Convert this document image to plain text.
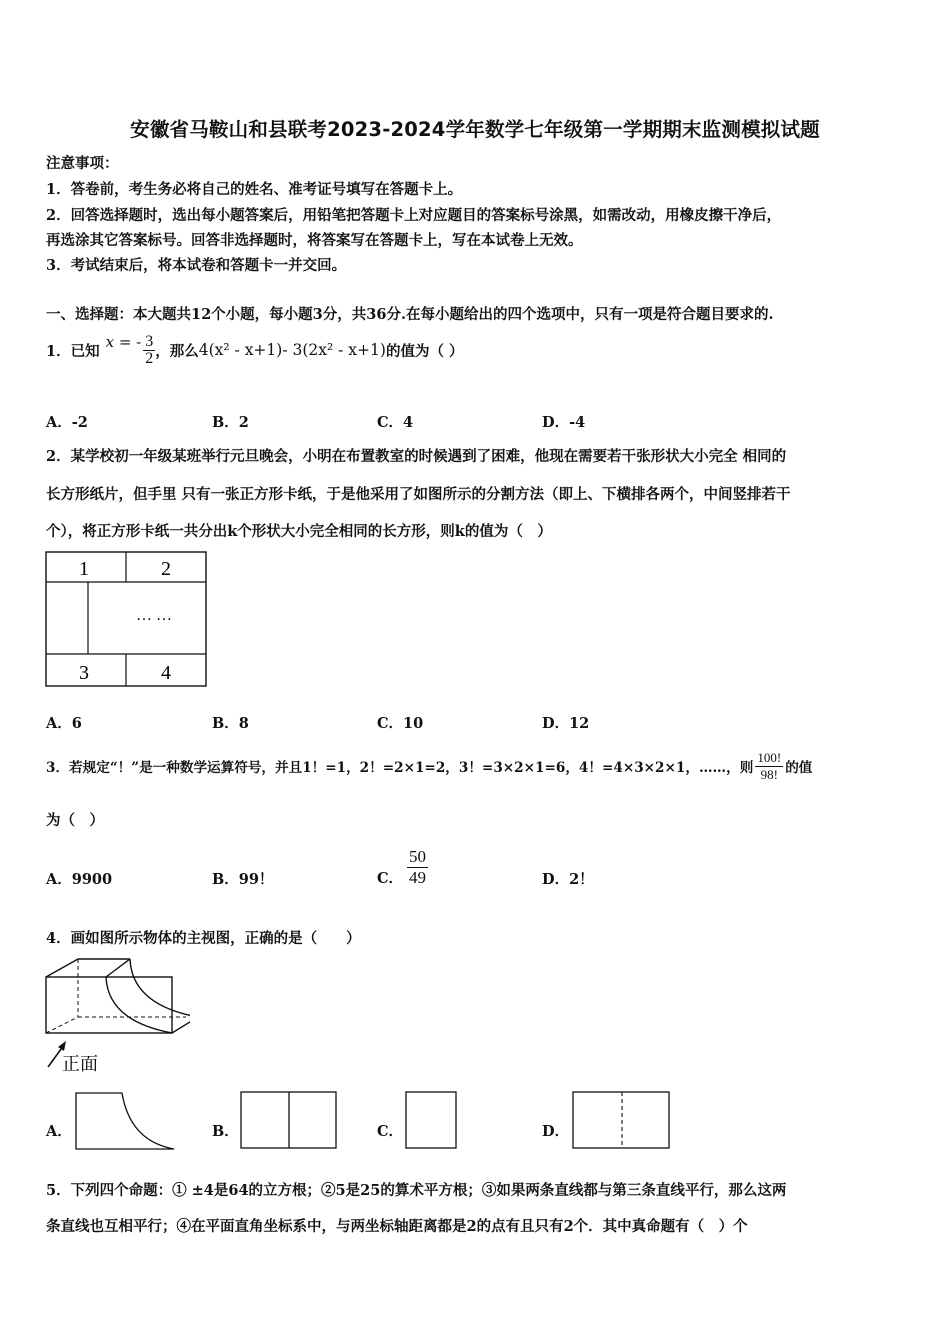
安徽省马鞍山和县联考2023-2024学年数学七年级第一学期期末监测模拟试题
注意事项：
1．答卷前，考生务必将自己的姓名、准考证号填写在答题卡上。
2．回答选择题时，选出每小题答案后，用铅笔把答题卡上对应题目的答案标号涂黑，如需改动，用橡皮擦干净后，
再选涂其它答案标号。回答非选择题时，将答案写在答题卡上，写在本试卷上无效。
3．考试结束后，将本试卷和答题卡一并交回。
一、选择题：本大题共12个小题，每小题3分，共36分.在每小题给出的四个选项中，只有一项是符合题目要求的.
1．已知 x = - $\frac{3}{2}$ ，那么 4(x² - x+1)- 3(2x² - x+1) 的值为（ ）
A．-2	B．2	C．4	D．-4
2．某学校初一年级某班举行元旦晚会，小明在布置教室的时候遇到了困难，他现在需要若干张形状大小完全 相同的
长方形纸片，但手里 只有一张正方形卡纸，于是他采用了如图所示的分割方法（即上、下横排各两个，中间竖排若干
个），将正方形卡纸一共分出k个形状大小完全相同的长方形，则k的值为（　）
1	2
… …
3	4
A．6	B．8	C．10	D．12
3．若规定“！”是一种数学运算符号，并且1！=1，2！=2×1=2，3！=3×2×1=6，4！=4×3×2×1，……，则 $\frac{100!}{98!}$ 的值
为（　）
A．9900	B．99！	C． $\frac{50}{49}$	D．2！
4．画如图所示物体的主视图，正确的是（　　）
正面
A．	B．	C．	D．
5．下列四个命题：① ±4是64的立方根；②5是25的算术平方根；③如果两条直线都与第三条直线平行，那么这两
条直线也互相平行；④在平面直角坐标系中，与两坐标轴距离都是2的点有且只有2个．其中真命题有（　）个
